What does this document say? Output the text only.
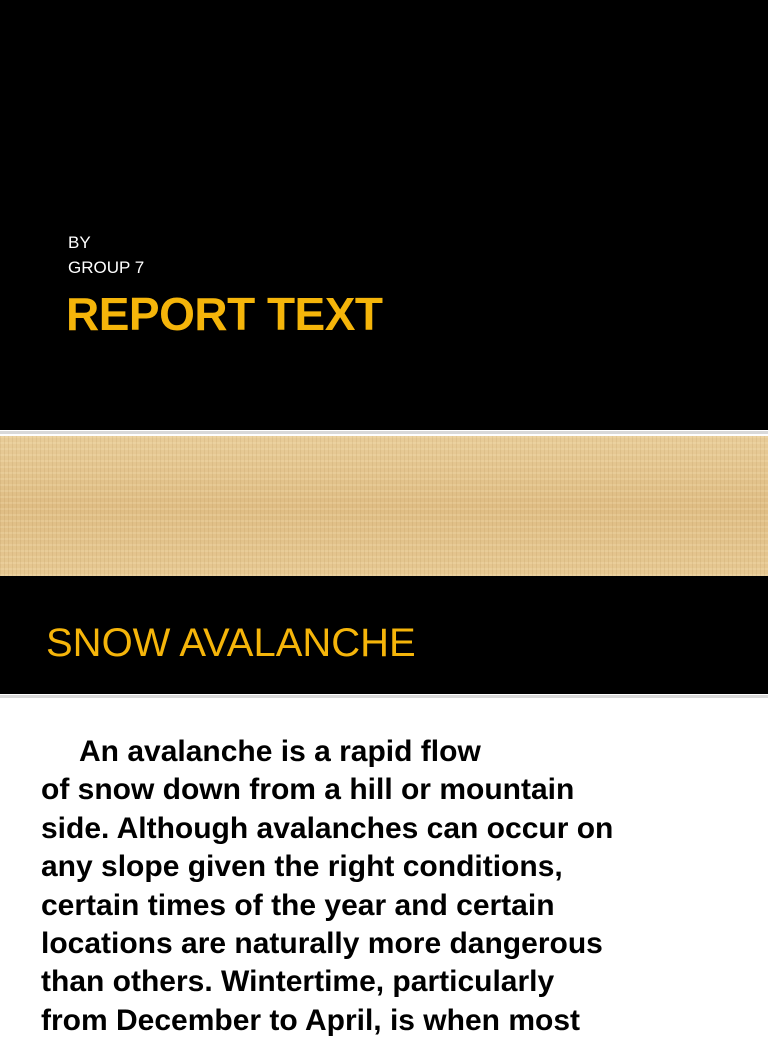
BY
GROUP 7
REPORT TEXT
SNOW AVALANCHE
An avalanche is a rapid flow
of snow down from a hill or mountain
side. Although avalanches can occur on
any slope given the right conditions,
certain times of the year and certain
locations are naturally more dangerous
than others. Wintertime, particularly
from December to April, is when most
